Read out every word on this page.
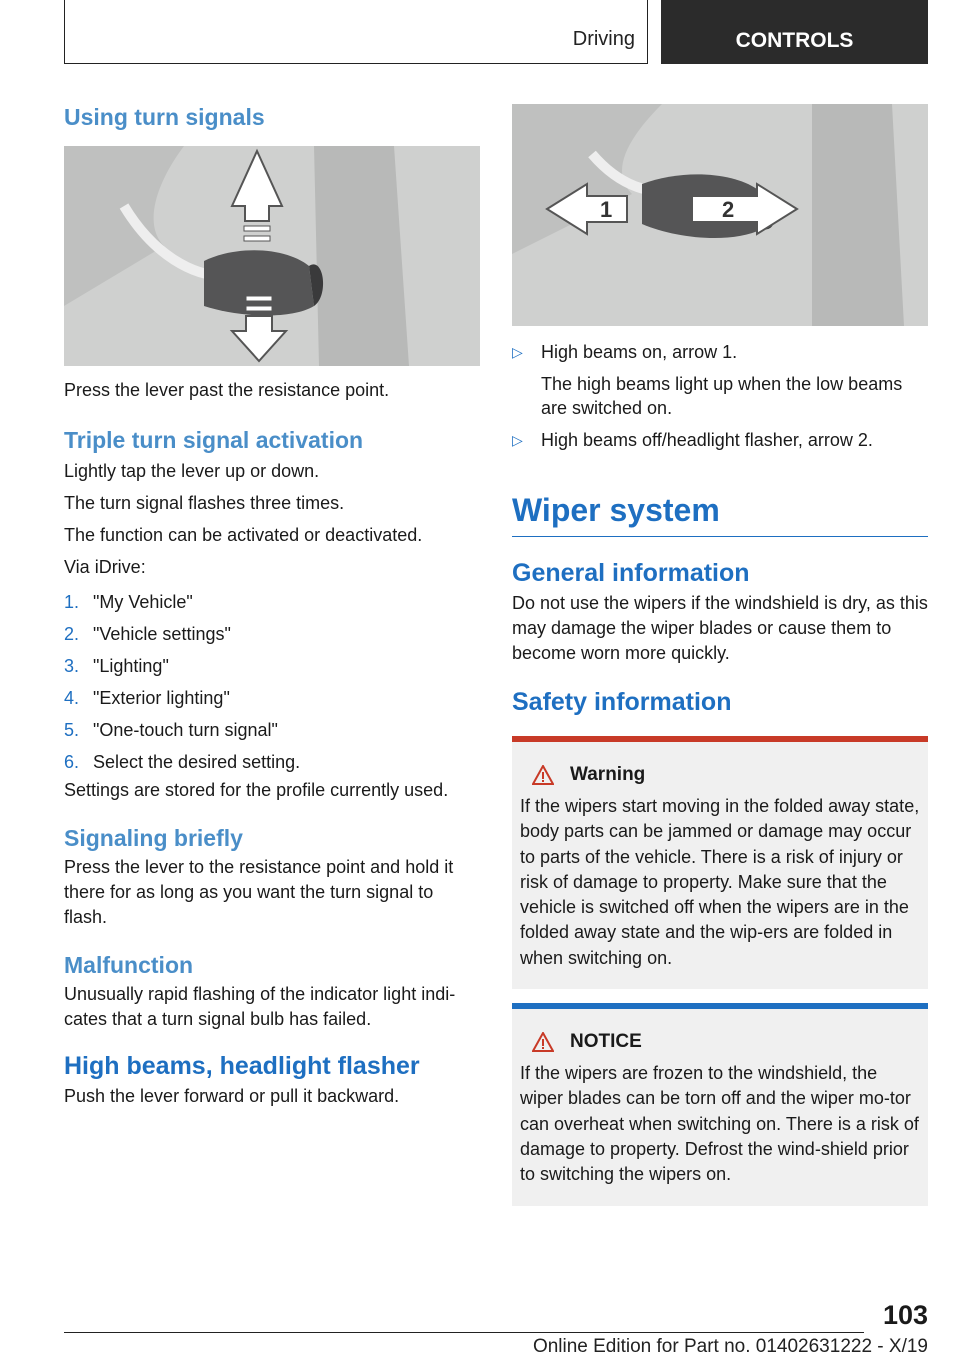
Driving	CONTROLS
Using turn signals

Press the lever past the resistance point.

Triple turn signal activation

Lightly tap the lever up or down.

The turn signal flashes three times.

The function can be activated or deactivated.

Via iDrive:

1. "My Vehicle"
2. "Vehicle settings"
3. "Lighting"
4. "Exterior lighting"
5. "One-touch turn signal"
6. Select the desired setting.

Settings are stored for the profile currently used.

Signaling briefly

Press the lever to the resistance point and hold it there for as long as you want the turn signal to flash.

Malfunction

Unusually rapid flashing of the indicator light indi‐cates that a turn signal bulb has failed.

High beams, headlight flasher

Push the lever forward or pull it backward.

1	2
▷ High beams on, arrow 1.
The high beams light up when the low beams are switched on.
▷ High beams off/headlight flasher, arrow 2.
Wiper system
General information

Do not use the wipers if the windshield is dry, as this may damage the wiper blades or cause them to become worn more quickly.

Safety information
Warning

If the wipers start moving in the folded away state, body parts can be jammed or damage may occur to parts of the vehicle. There is a risk of injury or risk of damage to property. Make sure that the vehicle is switched off when the wipers are in the folded away state and the wip‐ers are folded in when switching on.

NOTICE

If the wipers are frozen to the windshield, the wiper blades can be torn off and the wiper mo‐tor can overheat when switching on. There is a risk of damage to property. Defrost the wind‐shield prior to switching the wipers on.

103
Online Edition for Part no. 01402631222 - X/19
